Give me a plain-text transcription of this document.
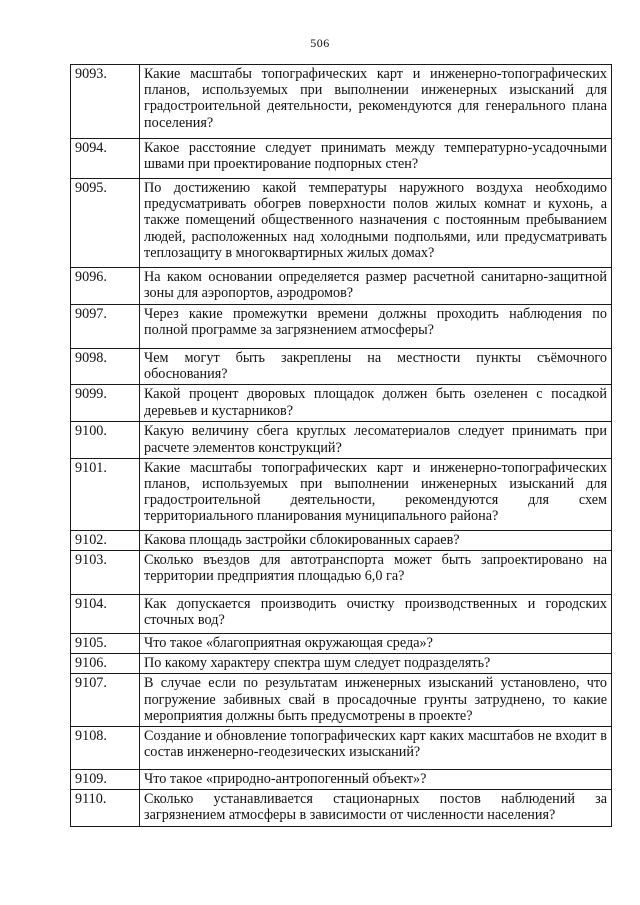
506
9093.	Какие масштабы топографических карт и инженерно-топографических планов, используемых при выполнении инженерных изысканий для градостроительной деятельности, рекомендуются для генерального плана поселения?
9094.	Какое расстояние следует принимать между температурно-усадочными швами при проектирование подпорных стен?
9095.	По достижению какой температуры наружного воздуха необходимо предусматривать обогрев поверхности полов жилых комнат и кухонь, а также помещений общественного назначения с постоянным пребыванием людей, расположенных над холодными подпольями, или предусматривать теплозащиту в многоквартирных жилых домах?
9096.	На каком основании определяется размер расчетной санитарно-защитной зоны для аэропортов, аэродромов?
9097.	Через какие промежутки времени должны проходить наблюдения по полной программе за загрязнением атмосферы?
9098.	Чем могут быть закреплены на местности пункты съёмочного обоснования?
9099.	Какой процент дворовых площадок должен быть озеленен с посадкой деревьев и кустарников?
9100.	Какую величину сбега круглых лесоматериалов следует принимать при расчете элементов конструкций?
9101.	Какие масштабы топографических карт и инженерно-топографических планов, используемых при выполнении инженерных изысканий для градостроительной деятельности, рекомендуются для схем территориального планирования муниципального района?
9102.	Какова площадь застройки сблокированных сараев?
9103.	Сколько въездов для автотранспорта может быть запроектировано на территории предприятия площадью 6,0 га?
9104.	Как допускается производить очистку производственных и городских сточных вод?
9105.	Что такое «благоприятная окружающая среда»?
9106.	По какому характеру спектра шум следует подразделять?
9107.	В случае если по результатам инженерных изысканий установлено, что погружение забивных свай в просадочные грунты затруднено, то какие мероприятия должны быть предусмотрены в проекте?
9108.	Создание и обновление топографических карт каких масштабов не входит в состав инженерно-геодезических изысканий?
9109.	Что такое «природно-антропогенный объект»?
9110.	Сколько устанавливается стационарных постов наблюдений за загрязнением атмосферы в зависимости от численности населения?
